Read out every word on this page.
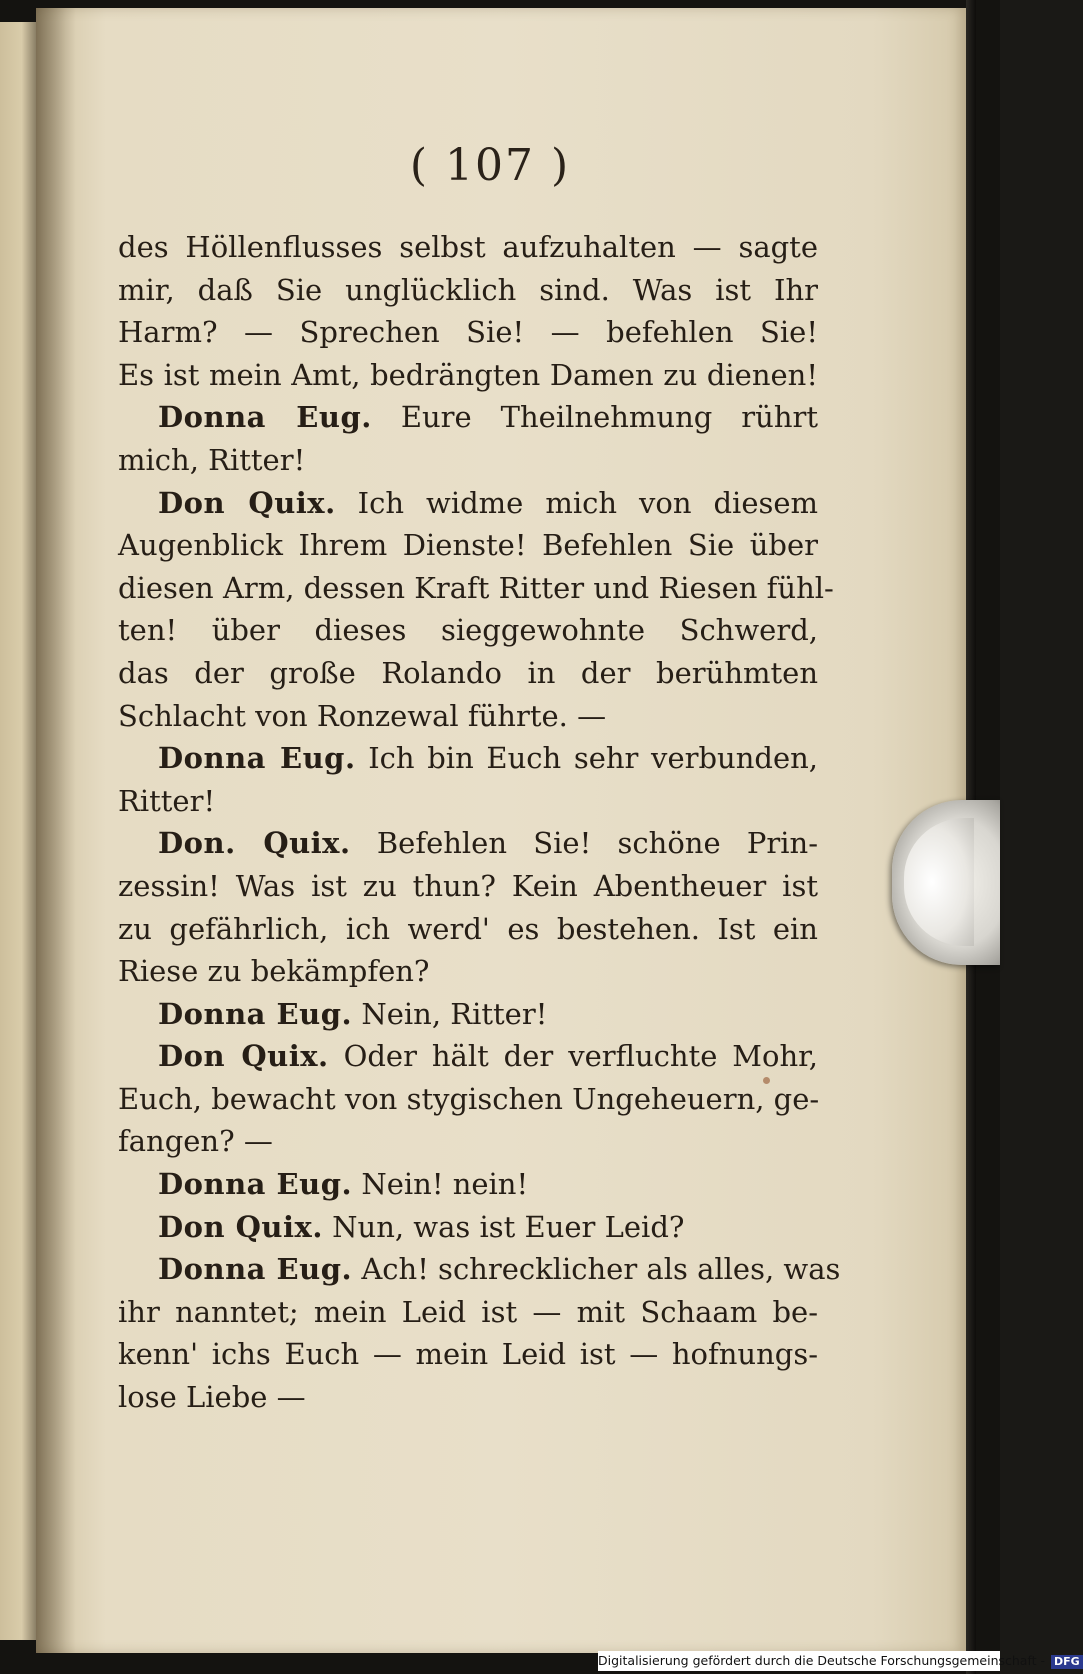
( 107 )
des Höllenflusses selbst aufzuhalten — sagte
mir, daß Sie unglücklich sind. Was ist Ihr
Harm? — Sprechen Sie! — befehlen Sie!
Es ist mein Amt, bedrängten Damen zu dienen!
Donna Eug. Eure Theilnehmung rührt
mich, Ritter!
Don Quix. Ich widme mich von diesem
Augenblick Ihrem Dienste! Befehlen Sie über
diesen Arm, dessen Kraft Ritter und Riesen fühl-
ten! über dieses sieggewohnte Schwerd,
das der große Rolando in der berühmten
Schlacht von Ronzewal führte. —
Donna Eug. Ich bin Euch sehr verbunden,
Ritter!
Don. Quix. Befehlen Sie! schöne Prin-
zessin! Was ist zu thun? Kein Abentheuer ist
zu gefährlich, ich werd' es bestehen. Ist ein
Riese zu bekämpfen?
Donna Eug. Nein, Ritter!
Don Quix. Oder hält der verfluchte Mohr,
Euch, bewacht von stygischen Ungeheuern, ge-
fangen? —
Donna Eug. Nein! nein!
Don Quix. Nun, was ist Euer Leid?
Donna Eug. Ach! schrecklicher als alles, was
ihr nanntet; mein Leid ist — mit Schaam be-
kenn' ichs Euch — mein Leid ist — hofnungs-
lose Liebe —
Digitalisierung gefördert durch die Deutsche Forschungsgemeinschaft - DFG
